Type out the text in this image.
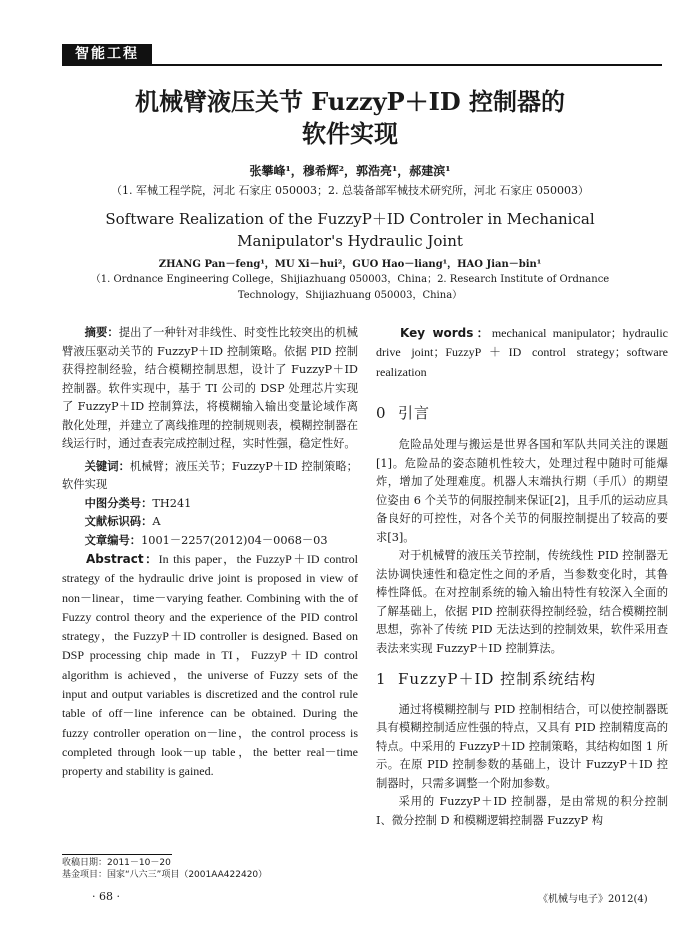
智能工程
机械臂液压关节 FuzzyP＋ID 控制器的
软件实现
张攀峰¹，穆希辉²，郭浩亮¹，郝建滨¹
（1. 军械工程学院，河北 石家庄 050003；2. 总装备部军械技术研究所，河北 石家庄 050003）
Software Realization of the FuzzyP＋ID Controler in Mechanical Manipulator's Hydraulic Joint
ZHANG Pan－feng¹，MU Xi－hui²，GUO Hao－liang¹，HAO Jian－bin¹
（1. Ordnance Engineering College，Shijiazhuang 050003，China；2. Research Institute of Ordnance Technology，Shijiazhuang 050003，China）

摘要：提出了一种针对非线性、时变性比较突出的机械臂液压驱动关节的 FuzzyP＋ID 控制策略。依据 PID 控制获得控制经验，结合模糊控制思想，设计了 FuzzyP＋ID 控制器。软件实现中，基于 TI 公司的 DSP 处理芯片实现了 FuzzyP＋ID 控制算法，将模糊输入输出变量论域作离散化处理，并建立了离线推理的控制规则表，模糊控制器在线运行时，通过查表完成控制过程，实时性强，稳定性好。

关键词：机械臂；液压关节；FuzzyP＋ID 控制策略；软件实现

中图分类号：TH241

文献标识码：A

文章编号：1001－2257(2012)04－0068－03

Abstract：In this paper，the FuzzyP＋ID control strategy of the hydraulic drive joint is proposed in view of non－linear，time－varying feather. Combining with the of Fuzzy control theory and the experience of the PID control strategy，the FuzzyP＋ID controller is designed. Based on DSP processing chip made in TI，FuzzyP＋ID control algorithm is achieved，the universe of Fuzzy sets of the input and output variables is discretized and the control rule table of off－line inference can be obtained. During the fuzzy controller operation on－line，the control process is completed through look－up table，the better real－time property and stability is gained.

Key words：mechanical manipulator；hydraulic drive joint；FuzzyP＋ID control strategy；software realization

0 引言

危险品处理与搬运是世界各国和军队共同关注的课题[1]。危险品的姿态随机性较大，处理过程中随时可能爆炸，增加了处理难度。机器人末端执行期（手爪）的期望位姿由 6 个关节的伺服控制来保证[2]，且手爪的运动应具备良好的可控性，对各个关节的伺服控制提出了较高的要求[3]。

对于机械臂的液压关节控制，传统线性 PID 控制器无法协调快速性和稳定性之间的矛盾，当参数变化时，其鲁棒性降低。在对控制系统的输入输出特性有较深入全面的了解基础上，依据 PID 控制获得控制经验，结合模糊控制思想，弥补了传统 PID 无法达到的控制效果，软件采用查表法来实现 FuzzyP＋ID 控制算法。

1 FuzzyP＋ID 控制系统结构

通过将模糊控制与 PID 控制相结合，可以使控制器既具有模糊控制适应性强的特点，又具有 PID 控制精度高的特点。中采用的 FuzzyP＋ID 控制策略，其结构如图 1 所示。在原 PID 控制参数的基础上，设计 FuzzyP＋ID 控制器时，只需多调整一个附加参数。

采用的 FuzzyP＋ID 控制器，是由常规的积分控制 I、微分控制 D 和模糊逻辑控制器 FuzzyP 构

收稿日期：2011－10－20
基金项目：国家“八六三”项目（2001AA422420）
· 68 ·	《机械与电子》2012(4)
